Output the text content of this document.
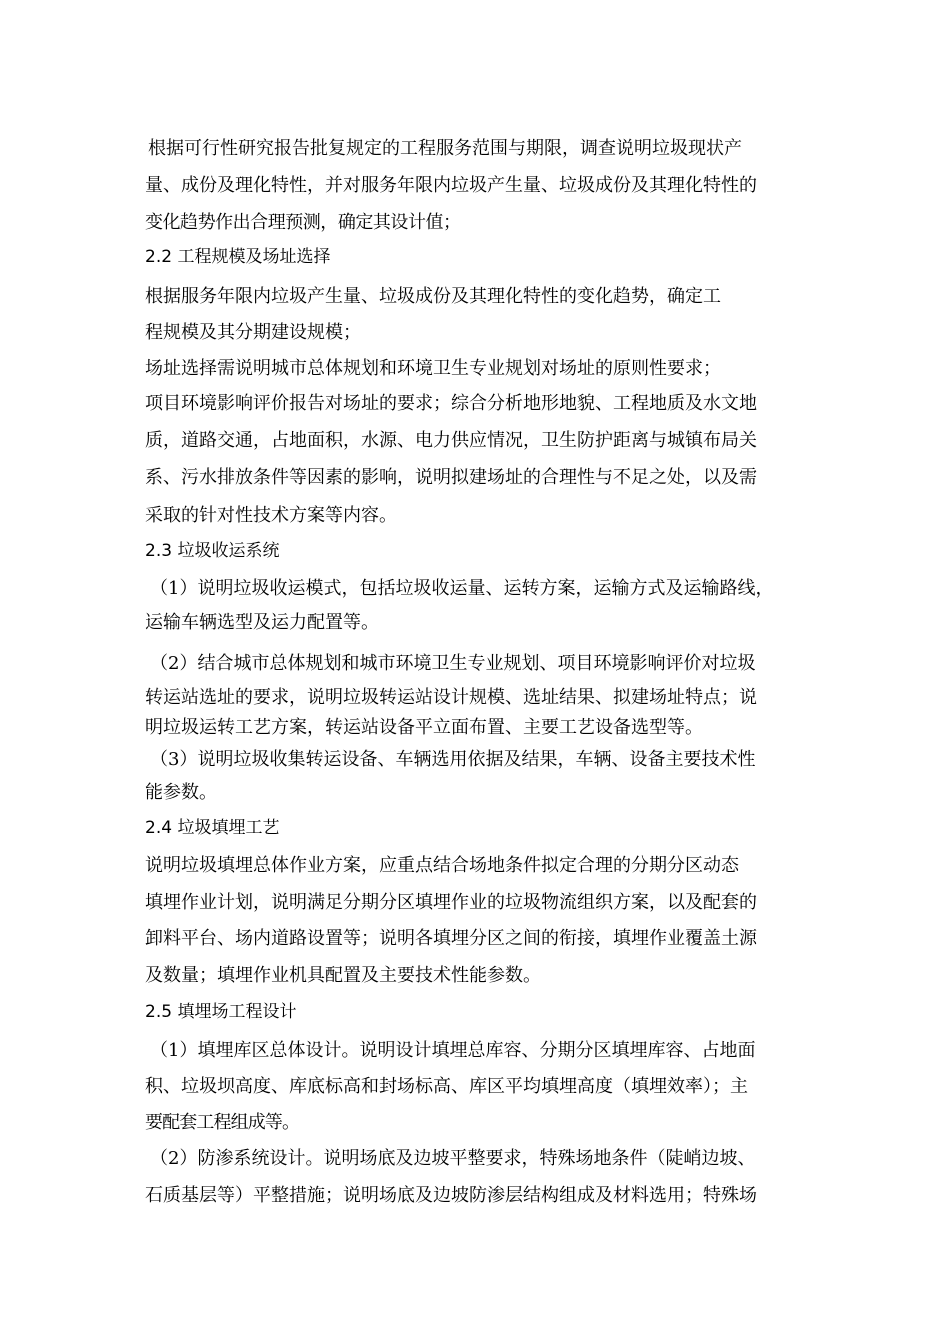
根据可行性研究报告批复规定的工程服务范围与期限，调查说明垃圾现状产
量、成份及理化特性，并对服务年限内垃圾产生量、垃圾成份及其理化特性的
变化趋势作出合理预测，确定其设计值；
2.2 工程规模及场址选择
根据服务年限内垃圾产生量、垃圾成份及其理化特性的变化趋势，确定工
程规模及其分期建设规模；
场址选择需说明城市总体规划和环境卫生专业规划对场址的原则性要求；
项目环境影响评价报告对场址的要求；综合分析地形地貌、工程地质及水文地
质，道路交通，占地面积，水源、电力供应情况，卫生防护距离与城镇布局关
系、污水排放条件等因素的影响，说明拟建场址的合理性与不足之处，以及需
采取的针对性技术方案等内容。
2.3 垃圾收运系统
（1）说明垃圾收运模式，包括垃圾收运量、运转方案，运输方式及运输路线，
运输车辆选型及运力配置等。
（2）结合城市总体规划和城市环境卫生专业规划、项目环境影响评价对垃圾
转运站选址的要求，说明垃圾转运站设计规模、选址结果、拟建场址特点；说
明垃圾运转工艺方案，转运站设备平立面布置、主要工艺设备选型等。
（3）说明垃圾收集转运设备、车辆选用依据及结果，车辆、设备主要技术性
能参数。
2.4 垃圾填埋工艺
说明垃圾填埋总体作业方案，应重点结合场地条件拟定合理的分期分区动态
填埋作业计划，说明满足分期分区填埋作业的垃圾物流组织方案，以及配套的
卸料平台、场内道路设置等；说明各填埋分区之间的衔接，填埋作业覆盖土源
及数量；填埋作业机具配置及主要技术性能参数。
2.5 填埋场工程设计
（1）填埋库区总体设计。说明设计填埋总库容、分期分区填埋库容、占地面
积、垃圾坝高度、库底标高和封场标高、库区平均填埋高度（填埋效率）；主
要配套工程组成等。
（2）防渗系统设计。说明场底及边坡平整要求，特殊场地条件（陡峭边坡、
石质基层等）平整措施；说明场底及边坡防渗层结构组成及材料选用；特殊场
